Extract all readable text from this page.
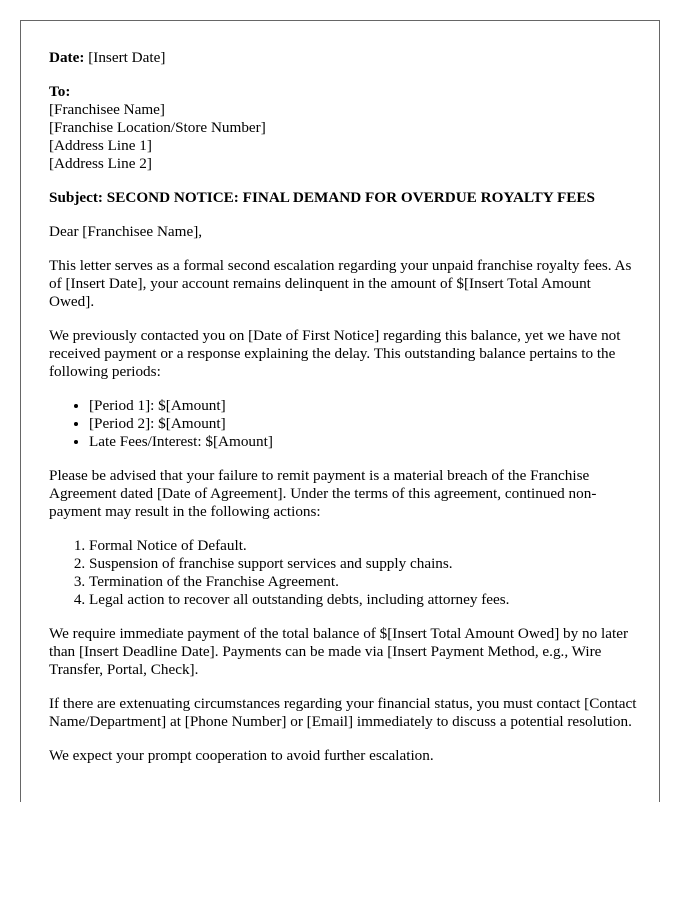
Date: [Insert Date]
To:
[Franchisee Name]
[Franchise Location/Store Number]
[Address Line 1]
[Address Line 2]
Subject: SECOND NOTICE: FINAL DEMAND FOR OVERDUE ROYALTY FEES

Dear [Franchisee Name],

This letter serves as a formal second escalation regarding your unpaid franchise royalty fees. As of [Insert Date], your account remains delinquent in the amount of $[Insert Total Amount Owed].

We previously contacted you on [Date of First Notice] regarding this balance, yet we have not received payment or a response explaining the delay. This outstanding balance pertains to the following periods:

• [Period 1]: $[Amount]
• [Period 2]: $[Amount]
• Late Fees/Interest: $[Amount]

Please be advised that your failure to remit payment is a material breach of the Franchise Agreement dated [Date of Agreement]. Under the terms of this agreement, continued non-payment may result in the following actions:

1. Formal Notice of Default.
2. Suspension of franchise support services and supply chains.
3. Termination of the Franchise Agreement.
4. Legal action to recover all outstanding debts, including attorney fees.

We require immediate payment of the total balance of $[Insert Total Amount Owed] by no later than [Insert Deadline Date]. Payments can be made via [Insert Payment Method, e.g., Wire Transfer, Portal, Check].

If there are extenuating circumstances regarding your financial status, you must contact [Contact Name/Department] at [Phone Number] or [Email] immediately to discuss a potential resolution.

We expect your prompt cooperation to avoid further escalation.
